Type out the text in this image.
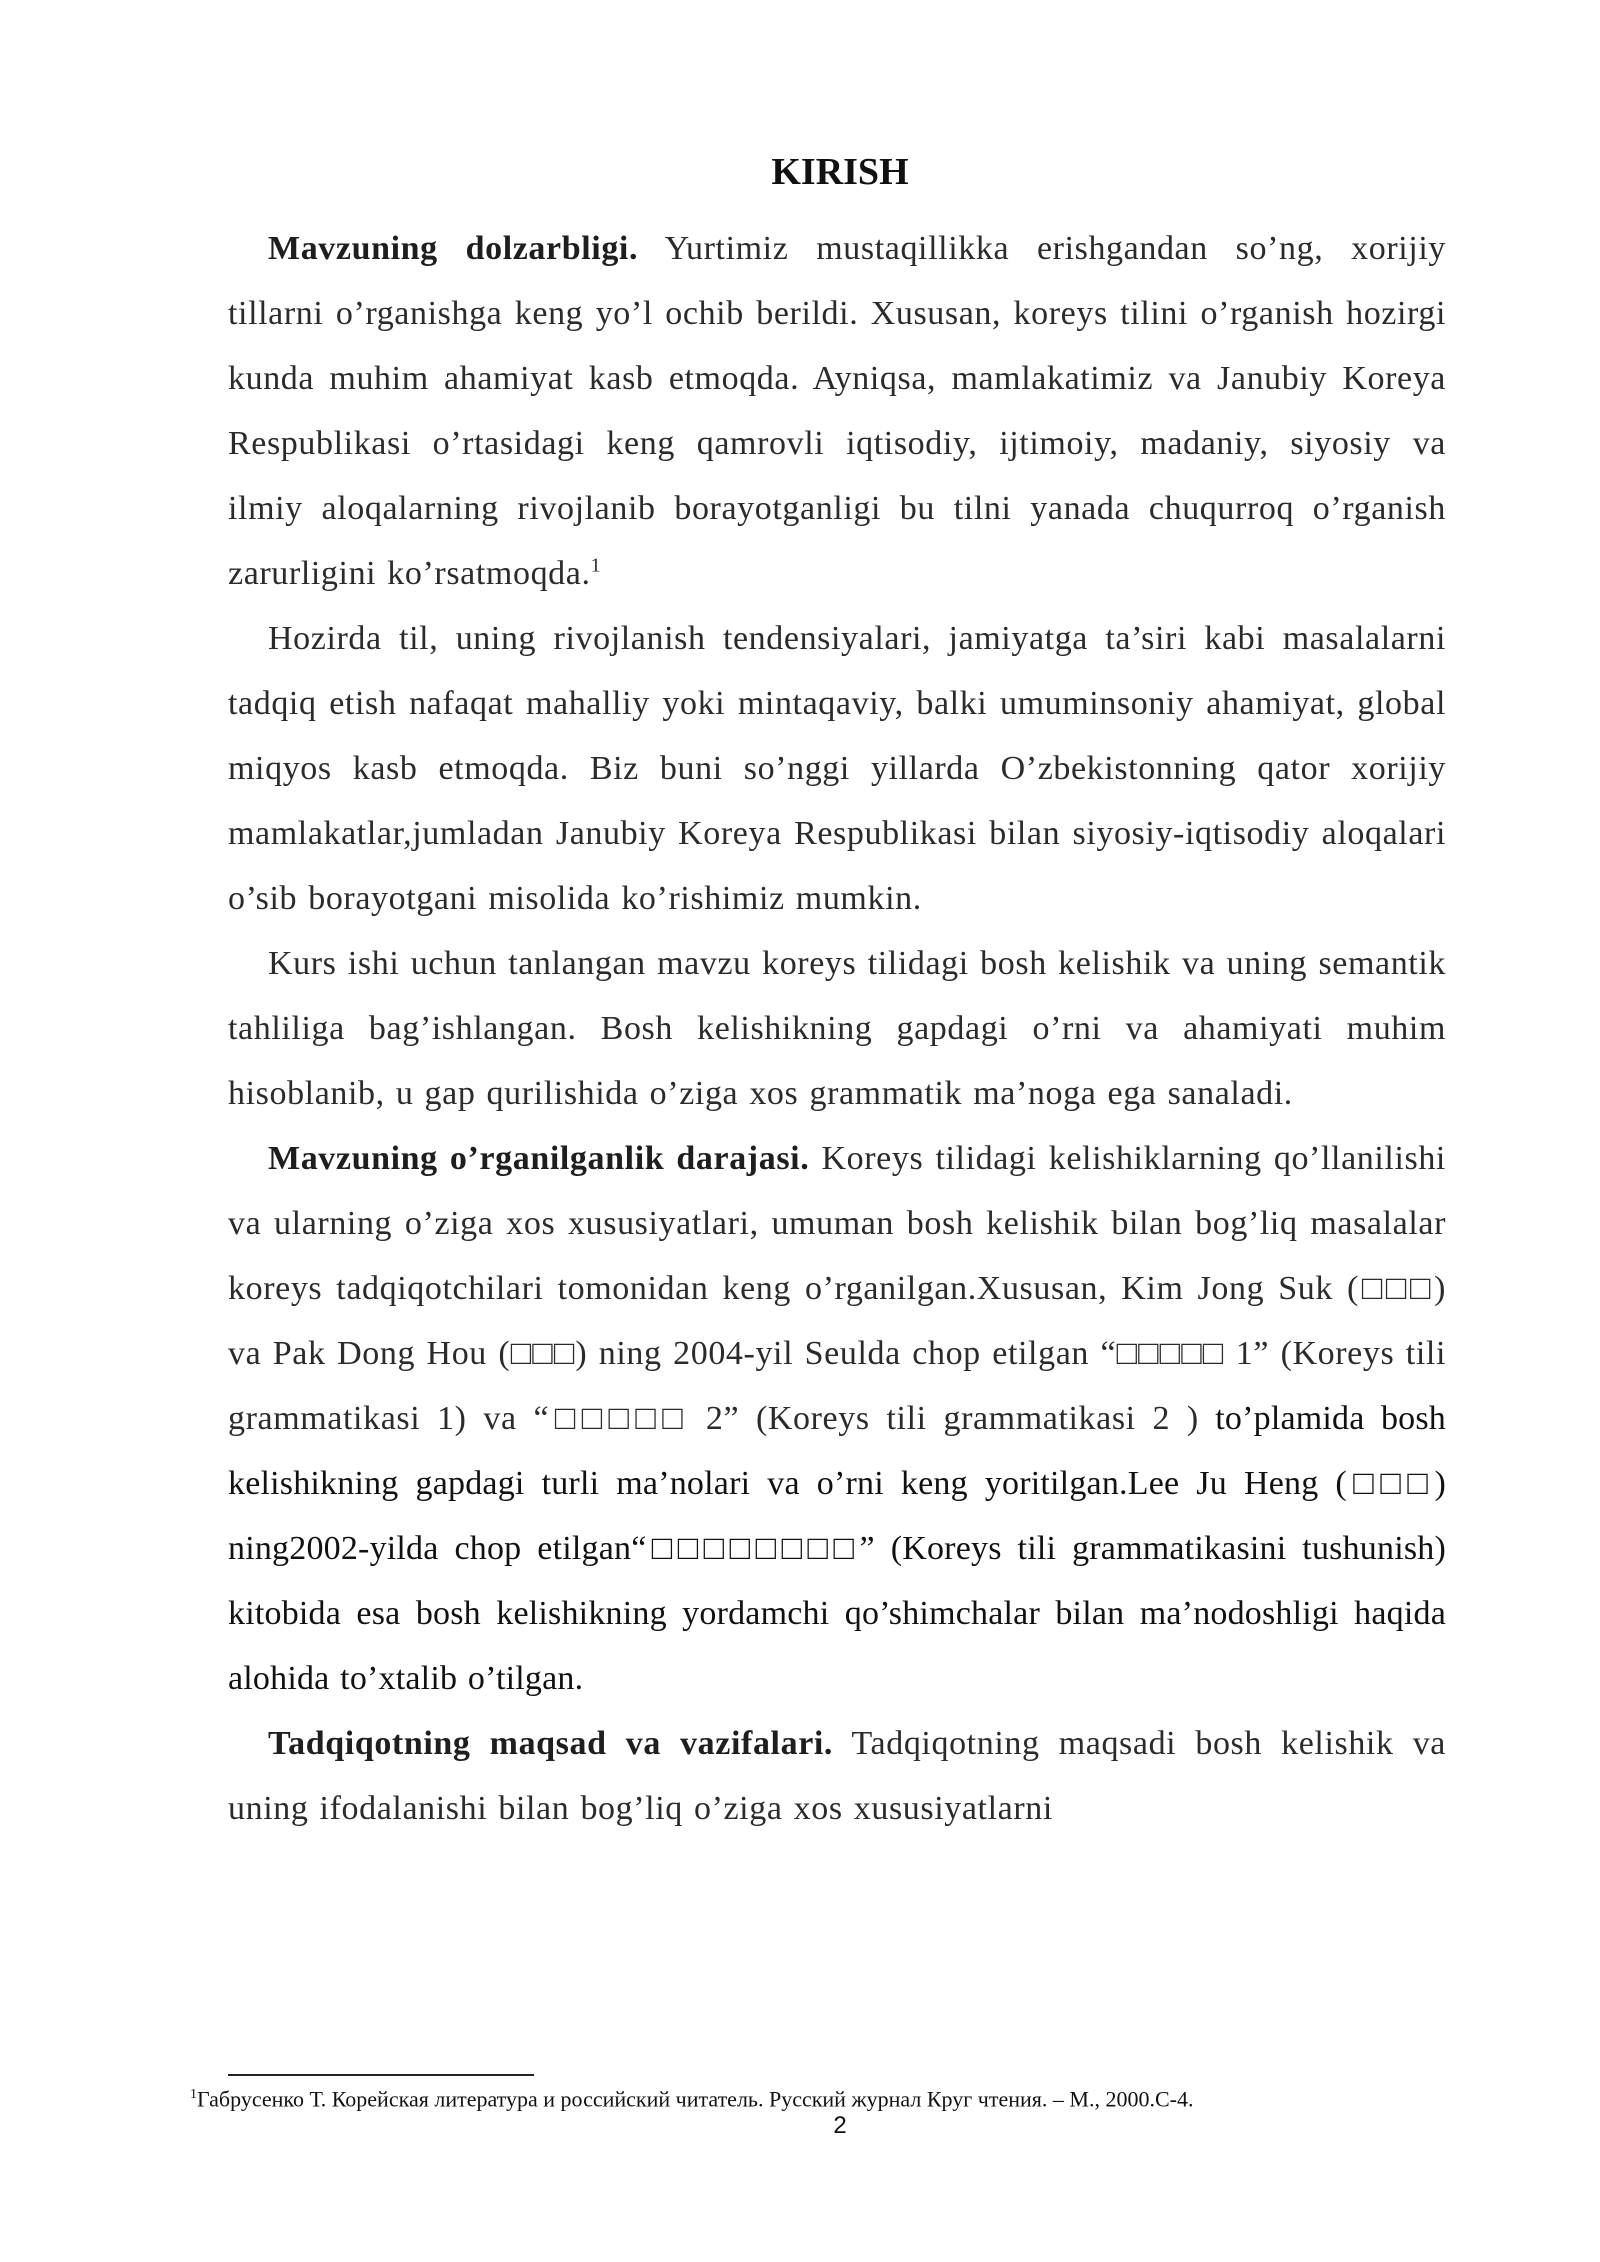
KIRISH

Mavzuning dolzarbligi. Yurtimiz mustaqillikka erishgandan so’ng, xorijiy tillarni o’rganishga keng yo’l ochib berildi. Xususan, koreys tilini o’rganish hozirgi kunda muhim ahamiyat kasb etmoqda. Ayniqsa, mamlakatimiz va Janubiy Koreya Respublikasi o’rtasidagi keng qamrovli iqtisodiy, ijtimoiy, madaniy, siyosiy va ilmiy aloqalarning rivojlanib borayotganligi bu tilni yanada chuqurroq o’rganish zarurligini ko’rsatmoqda.$^1$

Hozirda til, uning rivojlanish tendensiyalari, jamiyatga ta’siri kabi masalalarni tadqiq etish nafaqat mahalliy yoki mintaqaviy, balki umuminsoniy ahamiyat, global miqyos kasb etmoqda. Biz buni so’nggi yillarda O’zbekistonning qator xorijiy mamlakatlar,jumladan Janubiy Koreya Respublikasi bilan siyosiy-iqtisodiy aloqalari o’sib borayotgani misolida ko’rishimiz mumkin.

Kurs ishi uchun tanlangan mavzu koreys tilidagi bosh kelishik va uning semantik tahliliga bag’ishlangan. Bosh kelishikning gapdagi o’rni va ahamiyati muhim hisoblanib, u gap qurilishida o’ziga xos grammatik ma’noga ega sanaladi.

Mavzuning o’rganilganlik darajasi. Koreys tilidagi kelishiklarning qo’llanilishi va ularning o’ziga xos xususiyatlari, umuman bosh kelishik bilan bog’liq masalalar koreys tadqiqotchilari tomonidan keng o’rganilgan.Xususan, Kim Jong Suk (□□□) va Pak Dong Hou (□□□) ning 2004-yil Seulda chop etilgan “□□□□□ 1” (Koreys tili grammatikasi 1) va “□□□□□ 2” (Koreys tili grammatikasi 2 ) to’plamida bosh kelishikning gapdagi turli ma’nolari va o’rni keng yoritilgan.Lee Ju Heng (□□□) ning2002-yilda chop etilgan“□□□□□□□□” (Koreys tili grammatikasini tushunish) kitobida esa bosh kelishikning yordamchi qo’shimchalar bilan ma’nodoshligi haqida alohida to’xtalib o’tilgan.

Tadqiqotning maqsad va vazifalari. Tadqiqotning maqsadi bosh kelishik va uning ifodalanishi bilan bog’liq o’ziga xos xususiyatlarni

$^1$Габрусенко Т. Корейская литература и российский читатель. Русский журнал Круг чтения. – М., 2000.С-4.
2
